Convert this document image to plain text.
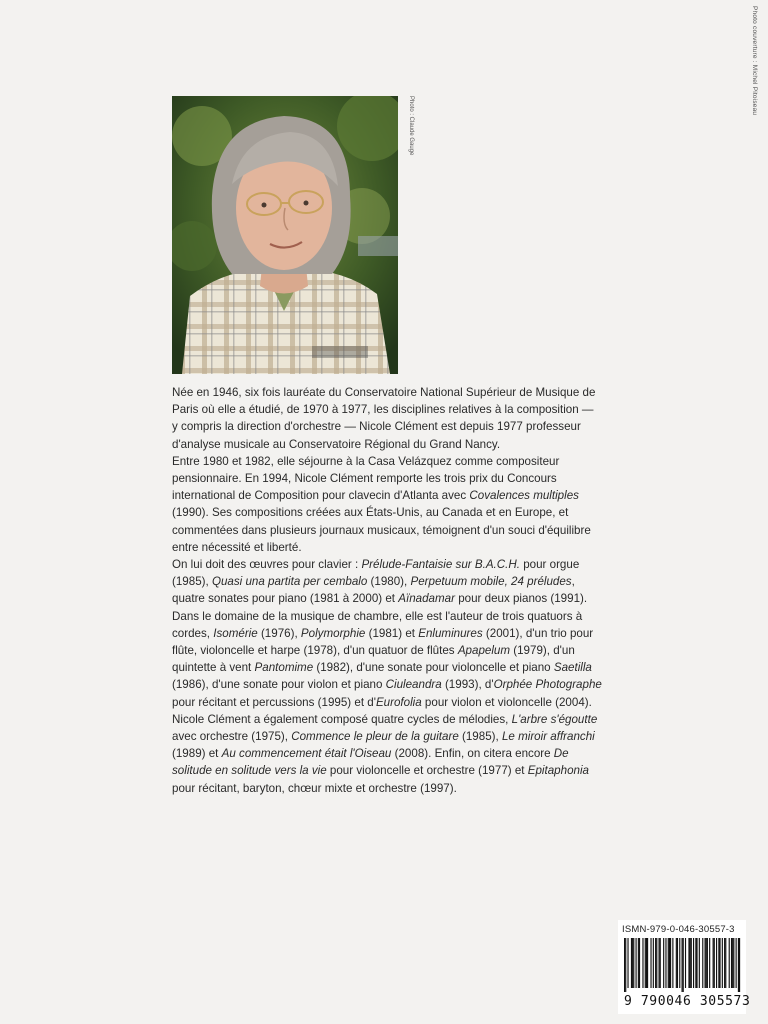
Photo couverture : Michel Pitoiseau
Photo : Claude Gauge

Née en 1946, six fois lauréate du Conservatoire National Supérieur de Musique de Paris où elle a étudié, de 1970 à 1977, les disciplines relatives à la composition — y compris la direction d'orchestre — Nicole Clément est depuis 1977 professeur d'analyse musicale au Conservatoire Régional du Grand Nancy.

Entre 1980 et 1982, elle séjourne à la Casa Velázquez comme compositeur pensionnaire. En 1994, Nicole Clément remporte les trois prix du Concours international de Composition pour clavecin d'Atlanta avec Covalences multiples (1990). Ses compositions créées aux États-Unis, au Canada et en Europe, et commentées dans plusieurs journaux musicaux, témoignent d'un souci d'équilibre entre nécessité et liberté.

On lui doit des œuvres pour clavier : Prélude-Fantaisie sur B.A.C.H. pour orgue (1985), Quasi una partita per cembalo (1980), Perpetuum mobile, 24 préludes, quatre sonates pour piano (1981 à 2000) et Aïnadamar pour deux pianos (1991).

Dans le domaine de la musique de chambre, elle est l'auteur de trois quatuors à cordes, Isomérie (1976), Polymorphie (1981) et Enluminures (2001), d'un trio pour flûte, violoncelle et harpe (1978), d'un quatuor de flûtes Apapelum (1979), d'un quintette à vent Pantomime (1982), d'une sonate pour violoncelle et piano Saetilla (1986), d'une sonate pour violon et piano Ciuleandra (1993), d'Orphée Photographe pour récitant et percussions (1995) et d'Eurofolia pour violon et violoncelle (2004).

Nicole Clément a également composé quatre cycles de mélodies, L'arbre s'égoutte avec orchestre (1975), Commence le pleur de la guitare (1985), Le miroir affranchi (1989) et Au commencement était l'Oiseau (2008). Enfin, on citera encore De solitude en solitude vers la vie pour violoncelle et orchestre (1977) et Epitaphonia pour récitant, baryton, chœur mixte et orchestre (1997).

ISMN-979-0-046-30557-3
9 790046 305573
